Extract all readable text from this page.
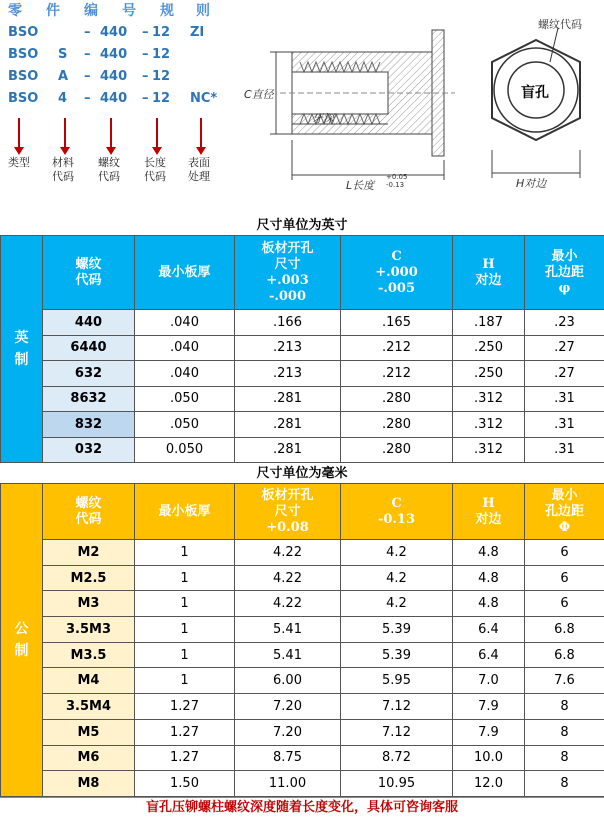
零 件 编 号 规 则
BSO	– 440 – 12 ZI
BSO S – 440 – 12
BSO A – 440 – 12
BSO 4 – 440 – 12 NC*
类型 材料
代码
螺纹
代码
长度
代码
表面
处理
螺纹代码
盲孔
C直径
牙深
L长度
+0.05
-0.13	H对边
尺寸单位为英寸
英
制	螺纹
代码	最小板厚	板材开孔
尺寸
+.003
-.000	C
+.000
-.005	H
对边	最小
孔边距
φ
	440	.040	.166	.165	.187	.23
	6440	.040	.213	.212	.250	.27
	632	.040	.213	.212	.250	.27
	8632	.050	.281	.280	.312	.31
	832	.050	.281	.280	.312	.31
	032	0.050	.281	.280	.312	.31
尺寸单位为毫米
公
制	螺纹
代码	最小板厚	板材开孔
尺寸
+0.08	C
-0.13	H
对边	最小
孔边距
Φ
	M2	1	4.22	4.2	4.8	6
	M2.5	1	4.22	4.2	4.8	6
	M3	1	4.22	4.2	4.8	6
	3.5M3	1	5.41	5.39	6.4	6.8
	M3.5	1	5.41	5.39	6.4	6.8
	M4	1	6.00	5.95	7.0	7.6
	3.5M4	1.27	7.20	7.12	7.9	8
	M5	1.27	7.20	7.12	7.9	8
	M6	1.27	8.75	8.72	10.0	8
	M8	1.50	11.00	10.95	12.0	8
盲孔压铆螺柱螺纹深度随着长度变化，具体可咨询客服
